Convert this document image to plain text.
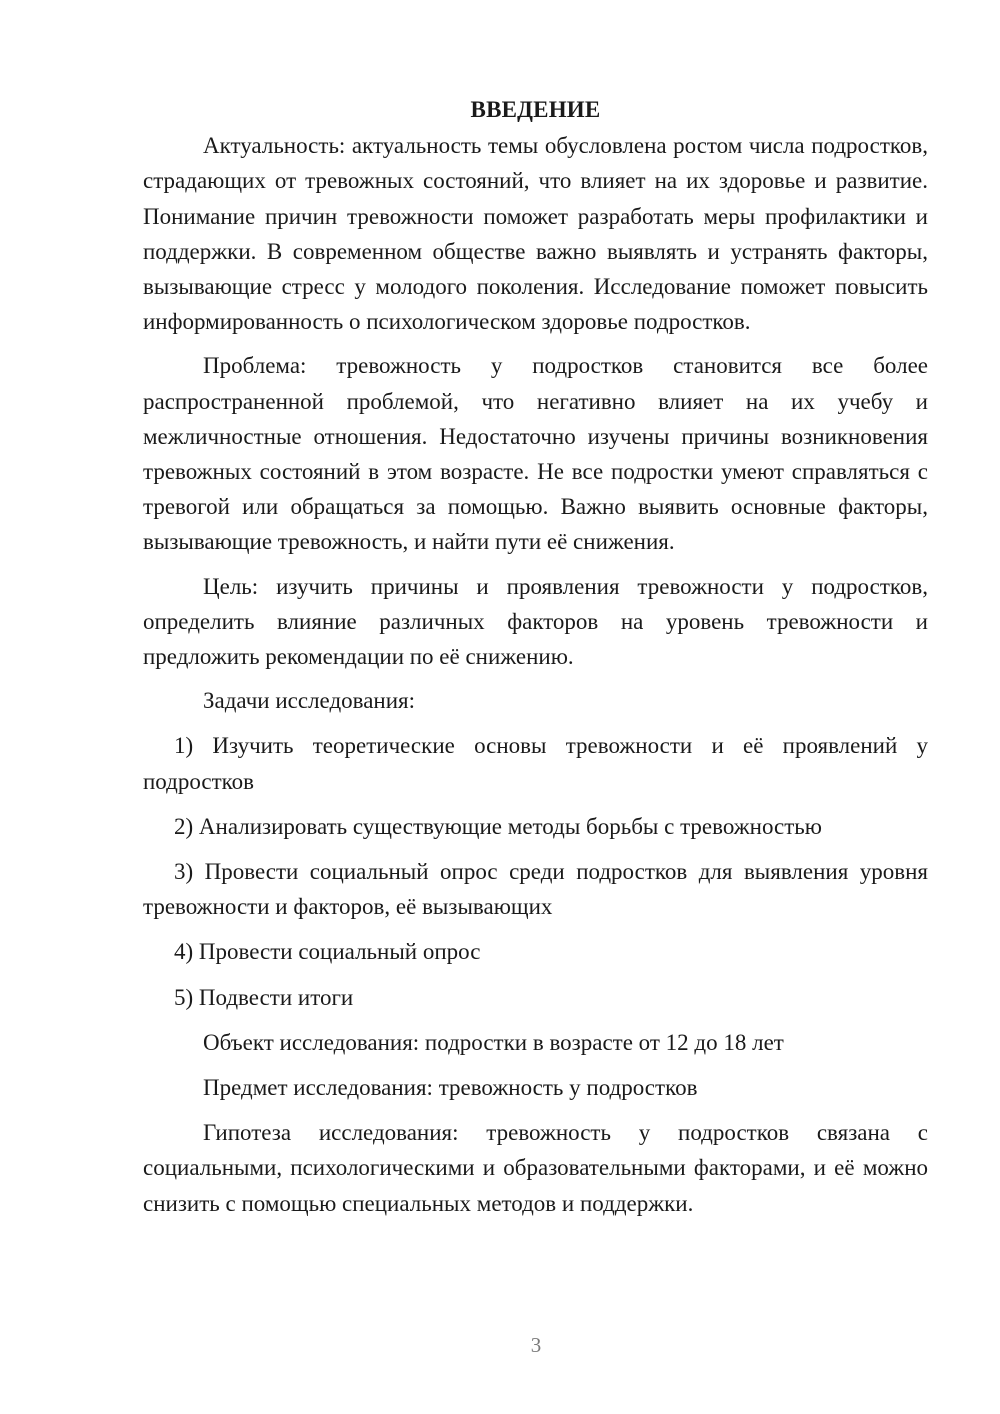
ВВЕДЕНИЕ

Актуальность: актуальность темы обусловлена ростом числа подростков, страдающих от тревожных состояний, что влияет на их здоровье и развитие. Понимание причин тревожности поможет разработать меры профилактики и поддержки. В современном обществе важно выявлять и устранять факторы, вызывающие стресс у молодого поколения. Исследование поможет повысить информированность о психологическом здоровье подростков.

Проблема: тревожность у подростков становится все более распространенной проблемой, что негативно влияет на их учебу и межличностные отношения. Недостаточно изучены причины возникновения тревожных состояний в этом возрасте. Не все подростки умеют справляться с тревогой или обращаться за помощью. Важно выявить основные факторы, вызывающие тревожность, и найти пути её снижения.

Цель: изучить причины и проявления тревожности у подростков, определить влияние различных факторов на уровень тревожности и предложить рекомендации по её снижению.

Задачи исследования:

1) Изучить теоретические основы тревожности и её проявлений у подростков

2) Анализировать существующие методы борьбы с тревожностью

3) Провести социальный опрос среди подростков для выявления уровня тревожности и факторов, её вызывающих

4) Провести социальный опрос

5) Подвести итоги

Объект исследования: подростки в возрасте от 12 до 18 лет

Предмет исследования: тревожность у подростков

Гипотеза исследования: тревожность у подростков связана с социальными, психологическими и образовательными факторами, и её можно снизить с помощью специальных методов и поддержки.

3
